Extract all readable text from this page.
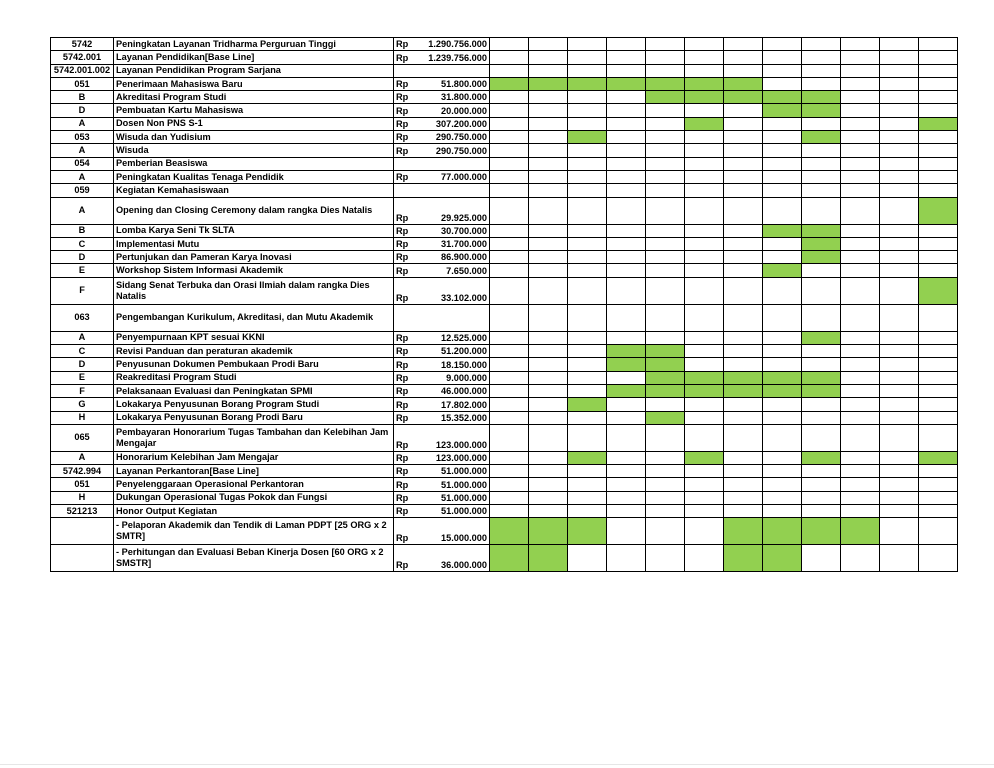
5742	Peningkatan Layanan Tridharma Perguruan Tinggi	Rp	1.290.756.000												
5742.001	Layanan Pendidikan[Base Line]	Rp	1.239.756.000												
5742.001.002	Layanan Pendidikan Program Sarjana														
051	Penerimaan Mahasiswa Baru	Rp	51.800.000												
B	Akreditasi Program Studi	Rp	31.800.000												
D	Pembuatan Kartu Mahasiswa	Rp	20.000.000												
A	Dosen Non PNS S-1	Rp	307.200.000												
053	Wisuda dan Yudisium	Rp	290.750.000												
A	Wisuda	Rp	290.750.000												
054	Pemberian Beasiswa														
A	Peningkatan Kualitas Tenaga Pendidik	Rp	77.000.000												
059	Kegiatan Kemahasiswaan														
A	Opening dan Closing Ceremony dalam rangka Dies Natalis	Rp	29.925.000												
B	Lomba Karya Seni Tk SLTA	Rp	30.700.000												
C	Implementasi Mutu	Rp	31.700.000												
D	Pertunjukan dan Pameran Karya Inovasi	Rp	86.900.000												
E	Workshop Sistem Informasi Akademik	Rp	7.650.000												
F	Sidang Senat Terbuka dan Orasi Ilmiah dalam rangka Dies Natalis	Rp	33.102.000												
063	Pengembangan Kurikulum, Akreditasi, dan Mutu Akademik														
A	Penyempurnaan KPT sesuai KKNI	Rp	12.525.000												
C	Revisi Panduan dan peraturan akademik	Rp	51.200.000												
D	Penyusunan Dokumen Pembukaan Prodi Baru	Rp	18.150.000												
E	Reakreditasi Program Studi	Rp	9.000.000												
F	Pelaksanaan Evaluasi dan Peningkatan SPMI	Rp	46.000.000												
G	Lokakarya Penyusunan Borang Program Studi	Rp	17.802.000												
H	Lokakarya Penyusunan Borang Prodi Baru	Rp	15.352.000												
065	Pembayaran Honorarium Tugas Tambahan dan Kelebihan Jam Mengajar	Rp	123.000.000												
A	Honorarium Kelebihan Jam Mengajar	Rp	123.000.000												
5742.994	Layanan Perkantoran[Base Line]	Rp	51.000.000												
051	Penyelenggaraan Operasional Perkantoran	Rp	51.000.000												
H	Dukungan Operasional Tugas Pokok dan Fungsi	Rp	51.000.000												
521213	Honor Output Kegiatan	Rp	51.000.000												
	- Pelaporan Akademik dan Tendik di Laman PDPT [25 ORG x 2 SMTR]	Rp	15.000.000												
	- Perhitungan dan Evaluasi Beban Kinerja Dosen [60 ORG x 2 SMSTR]	Rp	36.000.000												
